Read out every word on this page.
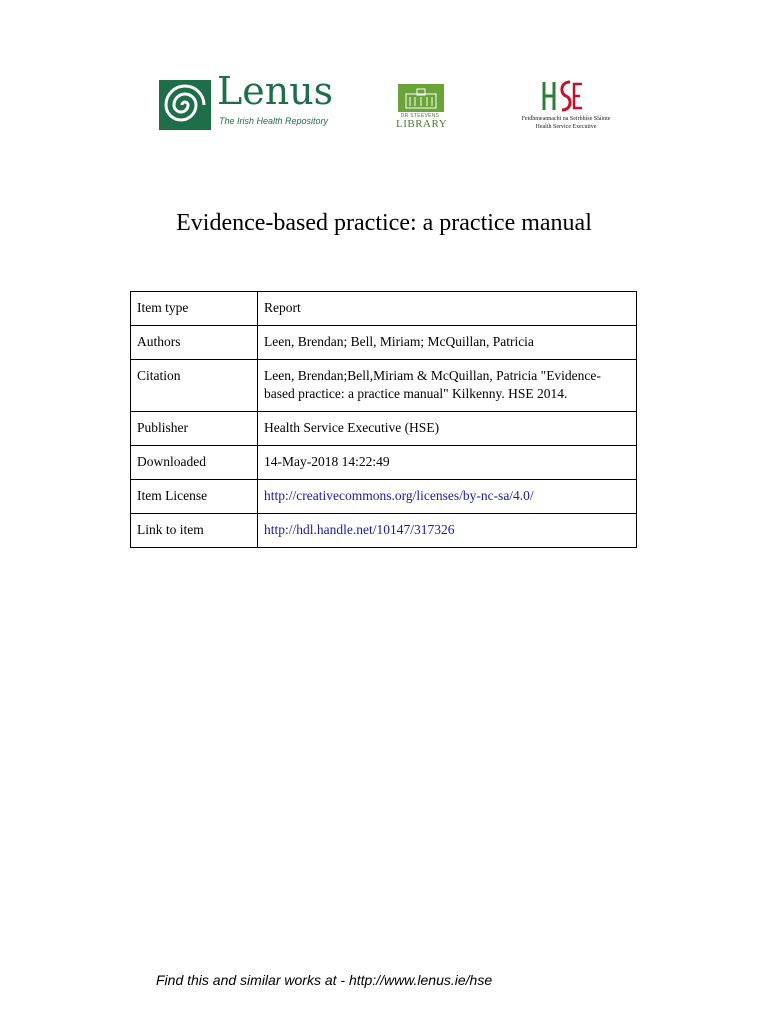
Lenus
The Irish Health Repository	DR STEEVENS
LIBRARY	Feidhmeannacht na Seirbhíse Sláinte
Health Service Executive
Evidence-based practice: a practice manual
Item type	Report
Authors	Leen, Brendan; Bell, Miriam; McQuillan, Patricia
Citation	Leen, Brendan;Bell,Miriam & McQuillan, Patricia "Evidence-based practice: a practice manual" Kilkenny. HSE 2014.
Publisher	Health Service Executive (HSE)
Downloaded	14-May-2018 14:22:49
Item License	http://creativecommons.org/licenses/by-nc-sa/4.0/
Link to item	http://hdl.handle.net/10147/317326
Find this and similar works at - http://www.lenus.ie/hse
